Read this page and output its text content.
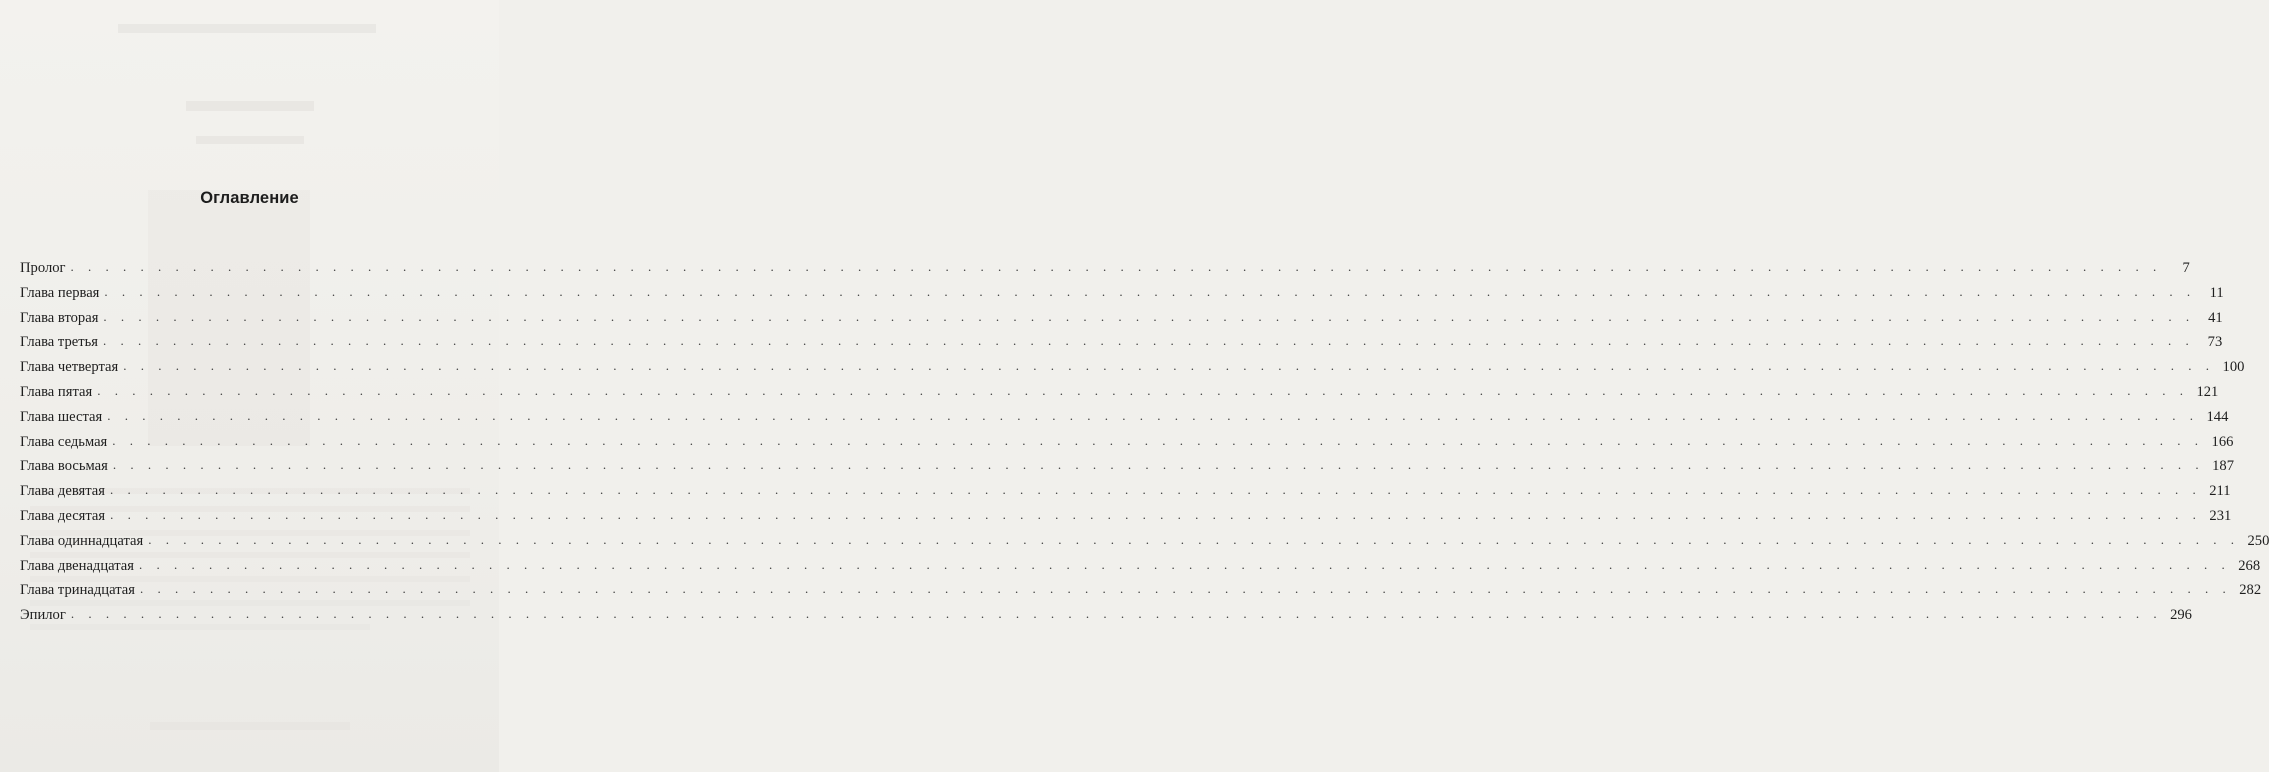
Оглавление
Пролог . . . . . . . . . . . . . . . . . . . . . . . . . . . . . . . . . . . . . . . . . . . . . . . . . . . . . . . . . . . . . . . . . . . . . . . . . . . . . . . . . . . . . . . . . . . . . . . . . . . . . . . . . . . . . . . . . . . . . . . .	7
Глава первая . . . . . . . . . . . . . . . . . . . . . . . . . . . . . . . . . . . . . . . . . . . . . . . . . . . . . . . . . . . . . . . . . . . . . . . . . . . . . . . . . . . . . . . . . . . . . . . . . . . . . . . . . . . . . . . . . . . . . . . . 11
Глава вторая . . . . . . . . . . . . . . . . . . . . . . . . . . . . . . . . . . . . . . . . . . . . . . . . . . . . . . . . . . . . . . . . . . . . . . . . . . . . . . . . . . . . . . . . . . . . . . . . . . . . . . . . . . . . . . . . . . . . . . . . 41
Глава третья . . . . . . . . . . . . . . . . . . . . . . . . . . . . . . . . . . . . . . . . . . . . . . . . . . . . . . . . . . . . . . . . . . . . . . . . . . . . . . . . . . . . . . . . . . . . . . . . . . . . . . . . . . . . . . . . . . . . . . . . 73
Глава четвертая . . . . . . . . . . . . . . . . . . . . . . . . . . . . . . . . . . . . . . . . . . . . . . . . . . . . . . . . . . . . . . . . . . . . . . . . . . . . . . . . . . . . . . . . . . . . . . . . . . . . . . . . . . . . . . . . . . . . . . . . 100
Глава пятая . . . . . . . . . . . . . . . . . . . . . . . . . . . . . . . . . . . . . . . . . . . . . . . . . . . . . . . . . . . . . . . . . . . . . . . . . . . . . . . . . . . . . . . . . . . . . . . . . . . . . . . . . . . . . . . . . . . . . . . . 121
Глава шестая . . . . . . . . . . . . . . . . . . . . . . . . . . . . . . . . . . . . . . . . . . . . . . . . . . . . . . . . . . . . . . . . . . . . . . . . . . . . . . . . . . . . . . . . . . . . . . . . . . . . . . . . . . . . . . . . . . . . . . . . 144
Глава седьмая . . . . . . . . . . . . . . . . . . . . . . . . . . . . . . . . . . . . . . . . . . . . . . . . . . . . . . . . . . . . . . . . . . . . . . . . . . . . . . . . . . . . . . . . . . . . . . . . . . . . . . . . . . . . . . . . . . . . . . . . 166
Глава восьмая . . . . . . . . . . . . . . . . . . . . . . . . . . . . . . . . . . . . . . . . . . . . . . . . . . . . . . . . . . . . . . . . . . . . . . . . . . . . . . . . . . . . . . . . . . . . . . . . . . . . . . . . . . . . . . . . . . . . . . . . 187
Глава девятая . . . . . . . . . . . . . . . . . . . . . . . . . . . . . . . . . . . . . . . . . . . . . . . . . . . . . . . . . . . . . . . . . . . . . . . . . . . . . . . . . . . . . . . . . . . . . . . . . . . . . . . . . . . . . . . . . . . . . . . . 211
Глава десятая . . . . . . . . . . . . . . . . . . . . . . . . . . . . . . . . . . . . . . . . . . . . . . . . . . . . . . . . . . . . . . . . . . . . . . . . . . . . . . . . . . . . . . . . . . . . . . . . . . . . . . . . . . . . . . . . . . . . . . . . 231
Глава одиннадцатая . . . . . . . . . . . . . . . . . . . . . . . . . . . . . . . . . . . . . . . . . . . . . . . . . . . . . . . . . . . . . . . . . . . . . . . . . . . . . . . . . . . . . . . . . . . . . . . . . . . . . . . . . . . . . . . . . . . . . . . . 250
Глава двенадцатая . . . . . . . . . . . . . . . . . . . . . . . . . . . . . . . . . . . . . . . . . . . . . . . . . . . . . . . . . . . . . . . . . . . . . . . . . . . . . . . . . . . . . . . . . . . . . . . . . . . . . . . . . . . . . . . . . . . . . . . . 268
Глава тринадцатая . . . . . . . . . . . . . . . . . . . . . . . . . . . . . . . . . . . . . . . . . . . . . . . . . . . . . . . . . . . . . . . . . . . . . . . . . . . . . . . . . . . . . . . . . . . . . . . . . . . . . . . . . . . . . . . . . . . . . . . . 282
Эпилог . . . . . . . . . . . . . . . . . . . . . . . . . . . . . . . . . . . . . . . . . . . . . . . . . . . . . . . . . . . . . . . . . . . . . . . . . . . . . . . . . . . . . . . . . . . . . . . . . . . . . . . . . . . . . . . . . . . . . . . . 296
